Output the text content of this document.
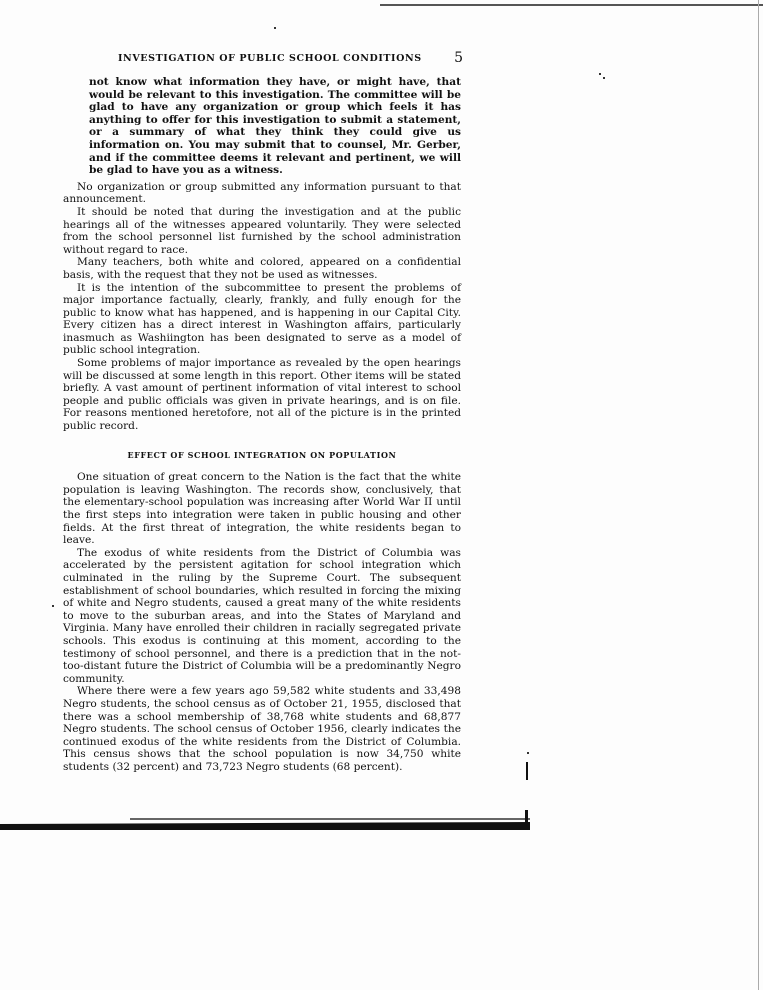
INVESTIGATION OF PUBLIC SCHOOL CONDITIONS 5

not know what information they have, or might have, that would be relevant to this investigation. The committee will be glad to have any organization or group which feels it has anything to offer for this investigation to submit a statement, or a summary of what they think they could give us information on. You may submit that to counsel, Mr. Gerber, and if the committee deems it relevant and pertinent, we will be glad to have you as a witness.

No organization or group submitted any information pursuant to that announcement.

It should be noted that during the investigation and at the public hearings all of the witnesses appeared voluntarily. They were selected from the school personnel list furnished by the school administration without regard to race.

Many teachers, both white and colored, appeared on a confidential basis, with the request that they not be used as witnesses.

It is the intention of the subcommittee to present the problems of major importance factually, clearly, frankly, and fully enough for the public to know what has happened, and is happening in our Capital City. Every citizen has a direct interest in Washington affairs, particularly inasmuch as Washiington has been designated to serve as a model of public school integration.

Some problems of major importance as revealed by the open hearings will be discussed at some length in this report. Other items will be stated briefly. A vast amount of pertinent information of vital interest to school people and public officials was given in private hearings, and is on file. For reasons mentioned heretofore, not all of the picture is in the printed public record.

EFFECT OF SCHOOL INTEGRATION ON POPULATION

One situation of great concern to the Nation is the fact that the white population is leaving Washington. The records show, conclusively, that the elementary-school population was increasing after World War II until the first steps into integration were taken in public housing and other fields. At the first threat of integration, the white residents began to leave.

The exodus of white residents from the District of Columbia was accelerated by the persistent agitation for school integration which culminated in the ruling by the Supreme Court. The subsequent establishment of school boundaries, which resulted in forcing the mixing of white and Negro students, caused a great many of the white residents to move to the suburban areas, and into the States of Maryland and Virginia. Many have enrolled their children in racially segregated private schools. This exodus is continuing at this moment, according to the testimony of school personnel, and there is a prediction that in the not-too-distant future the District of Columbia will be a predominantly Negro community.

Where there were a few years ago 59,582 white students and 33,498 Negro students, the school census as of October 21, 1955, disclosed that there was a school membership of 38,768 white students and 68,877 Negro students. The school census of October 1956, clearly indicates the continued exodus of the white residents from the District of Columbia. This census shows that the school population is now 34,750 white students (32 percent) and 73,723 Negro students (68 percent).
